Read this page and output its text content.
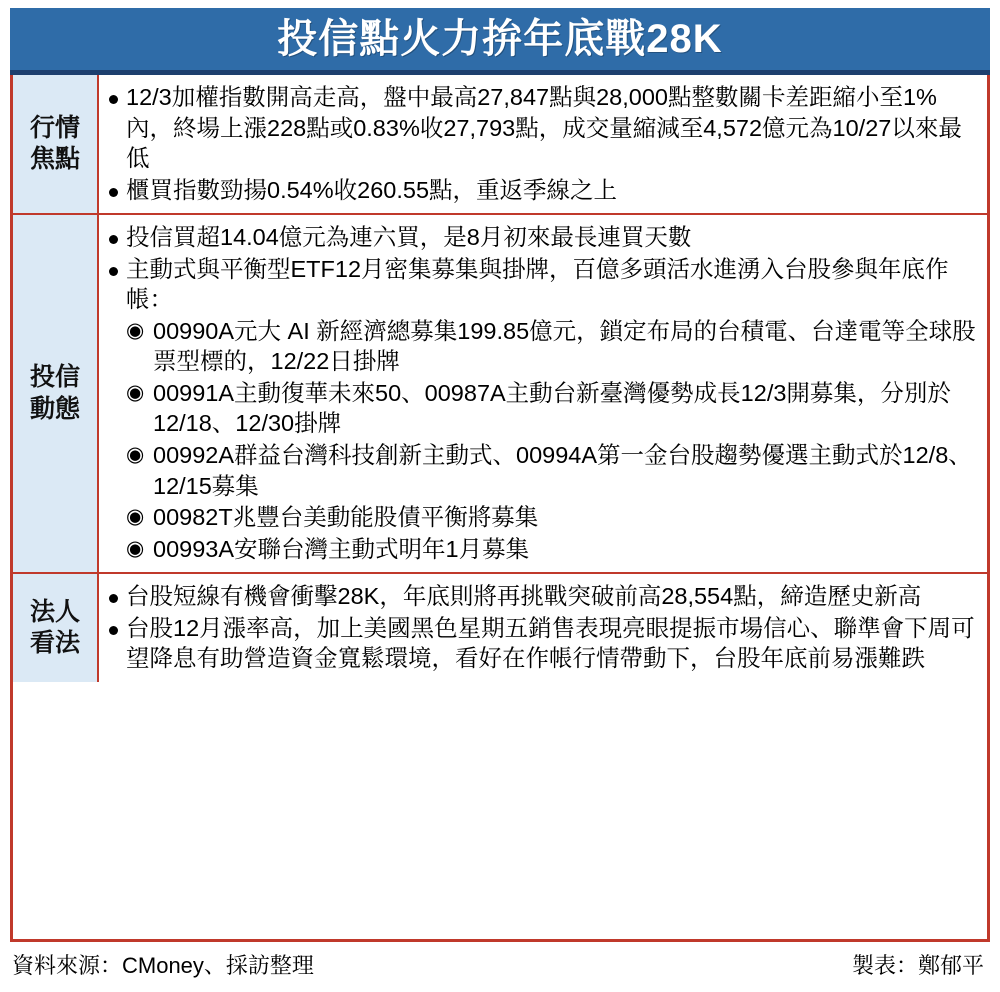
投信點火力拚年底戰28K
行情
焦點
12/3加權指數開高走高，盤中最高27,847點與28,000點整數關卡差距縮小至1%內，終場上漲228點或0.83%收27,793點，成交量縮減至4,572億元為10/27以來最低
櫃買指數勁揚0.54%收260.55點，重返季線之上
投信
動態
投信買超14.04億元為連六買，是8月初來最長連買天數
主動式與平衡型ETF12月密集募集與掛牌，百億多頭活水進湧入台股參與年底作帳：
◉ 00990A元大 AI 新經濟總募集199.85億元，鎖定布局的台積電、台達電等全球股票型標的，12/22日掛牌
◉ 00991A主動復華未來50、00987A主動台新臺灣優勢成長12/3開募集，分別於12/18、12/30掛牌
◉ 00992A群益台灣科技創新主動式、00994A第一金台股趨勢優選主動式於12/8、12/15募集
◉ 00982T兆豐台美動能股債平衡將募集
◉ 00993A安聯台灣主動式明年1月募集
法人
看法
台股短線有機會衝擊28K，年底則將再挑戰突破前高28,554點，締造歷史新高
台股12月漲率高，加上美國黑色星期五銷售表現亮眼提振市場信心、聯準會下周可望降息有助營造資金寬鬆環境，看好在作帳行情帶動下，台股年底前易漲難跌
資料來源：CMoney、採訪整理	製表：鄭郁平
